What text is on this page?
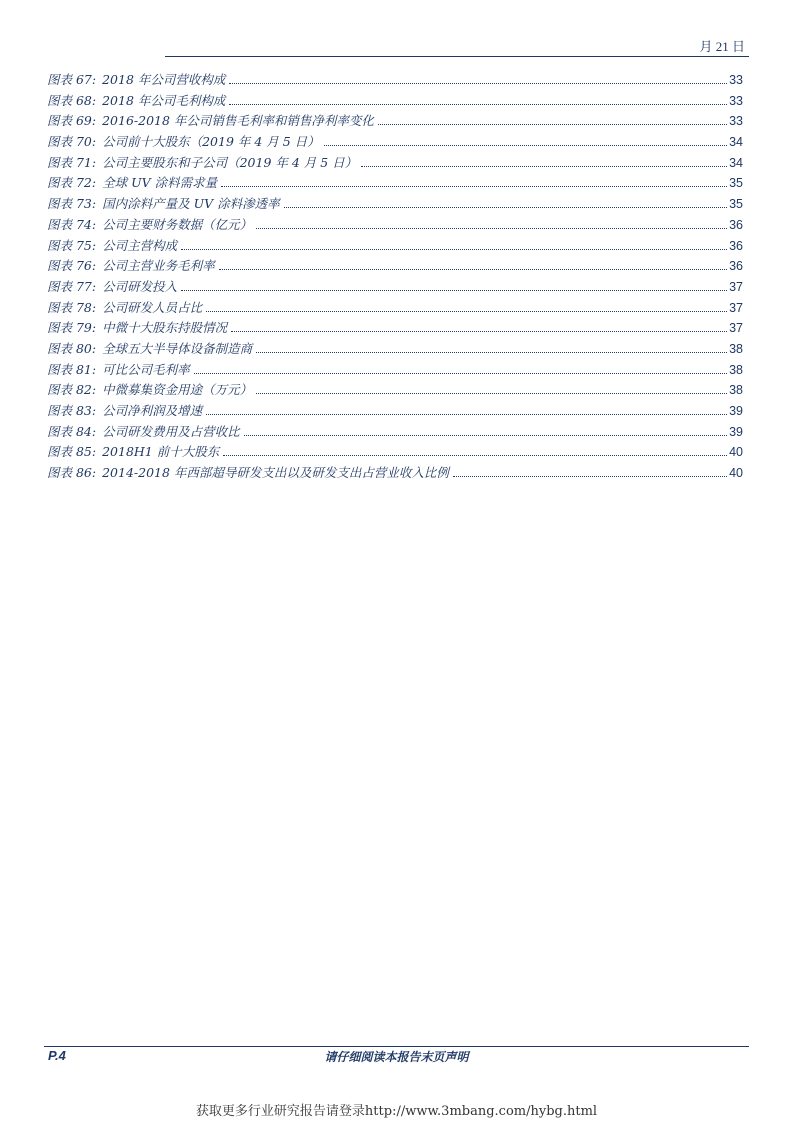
月 21 日
图表 67: 2018 年公司营收构成	33
图表 68: 2018 年公司毛利构成	33
图表 69: 2016-2018 年公司销售毛利率和销售净利率变化	33
图表 70: 公司前十大股东（2019 年 4 月 5 日）	34
图表 71: 公司主要股东和子公司（2019 年 4 月 5 日）	34
图表 72: 全球 UV 涂料需求量	35
图表 73: 国内涂料产量及 UV 涂料渗透率	35
图表 74: 公司主要财务数据（亿元）	36
图表 75: 公司主营构成	36
图表 76: 公司主营业务毛利率	36
图表 77: 公司研发投入	37
图表 78: 公司研发人员占比	37
图表 79: 中微十大股东持股情况	37
图表 80: 全球五大半导体设备制造商	38
图表 81: 可比公司毛利率	38
图表 82: 中微募集资金用途（万元）	38
图表 83: 公司净利润及增速	39
图表 84: 公司研发费用及占营收比	39
图表 85: 2018H1 前十大股东	40
图表 86: 2014-2018 年西部超导研发支出以及研发支出占营业收入比例	40
P.4	请仔细阅读本报告末页声明
获取更多行业研究报告请登录http://www.3mbang.com/hybg.html
